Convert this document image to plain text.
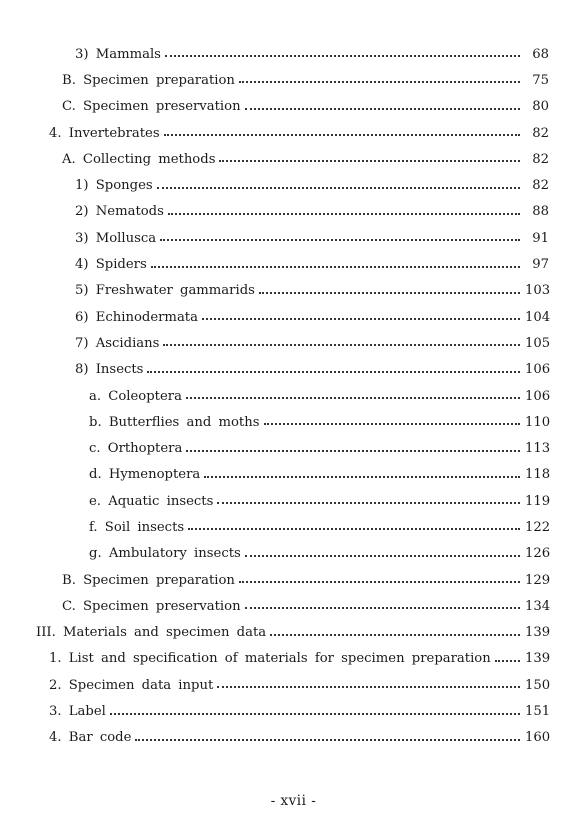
3) Mammals	68
B. Specimen preparation	75
C. Specimen preservation	80
4. Invertebrates	82
A. Collecting methods	82
1) Sponges	82
2) Nematods	88
3) Mollusca	91
4) Spiders	97
5) Freshwater gammarids	103
6) Echinodermata	104
7) Ascidians	105
8) Insects	106
a. Coleoptera	106
b. Butterflies and moths	110
c. Orthoptera	113
d. Hymenoptera	118
e. Aquatic insects	119
f. Soil insects	122
g. Ambulatory insects	126
B. Specimen preparation	129
C. Specimen preservation	134
III. Materials and specimen data	139
1. List and specification of materials for specimen preparation	139
2. Specimen data input	150
3. Label	151
4. Bar code	160
- xvii -
